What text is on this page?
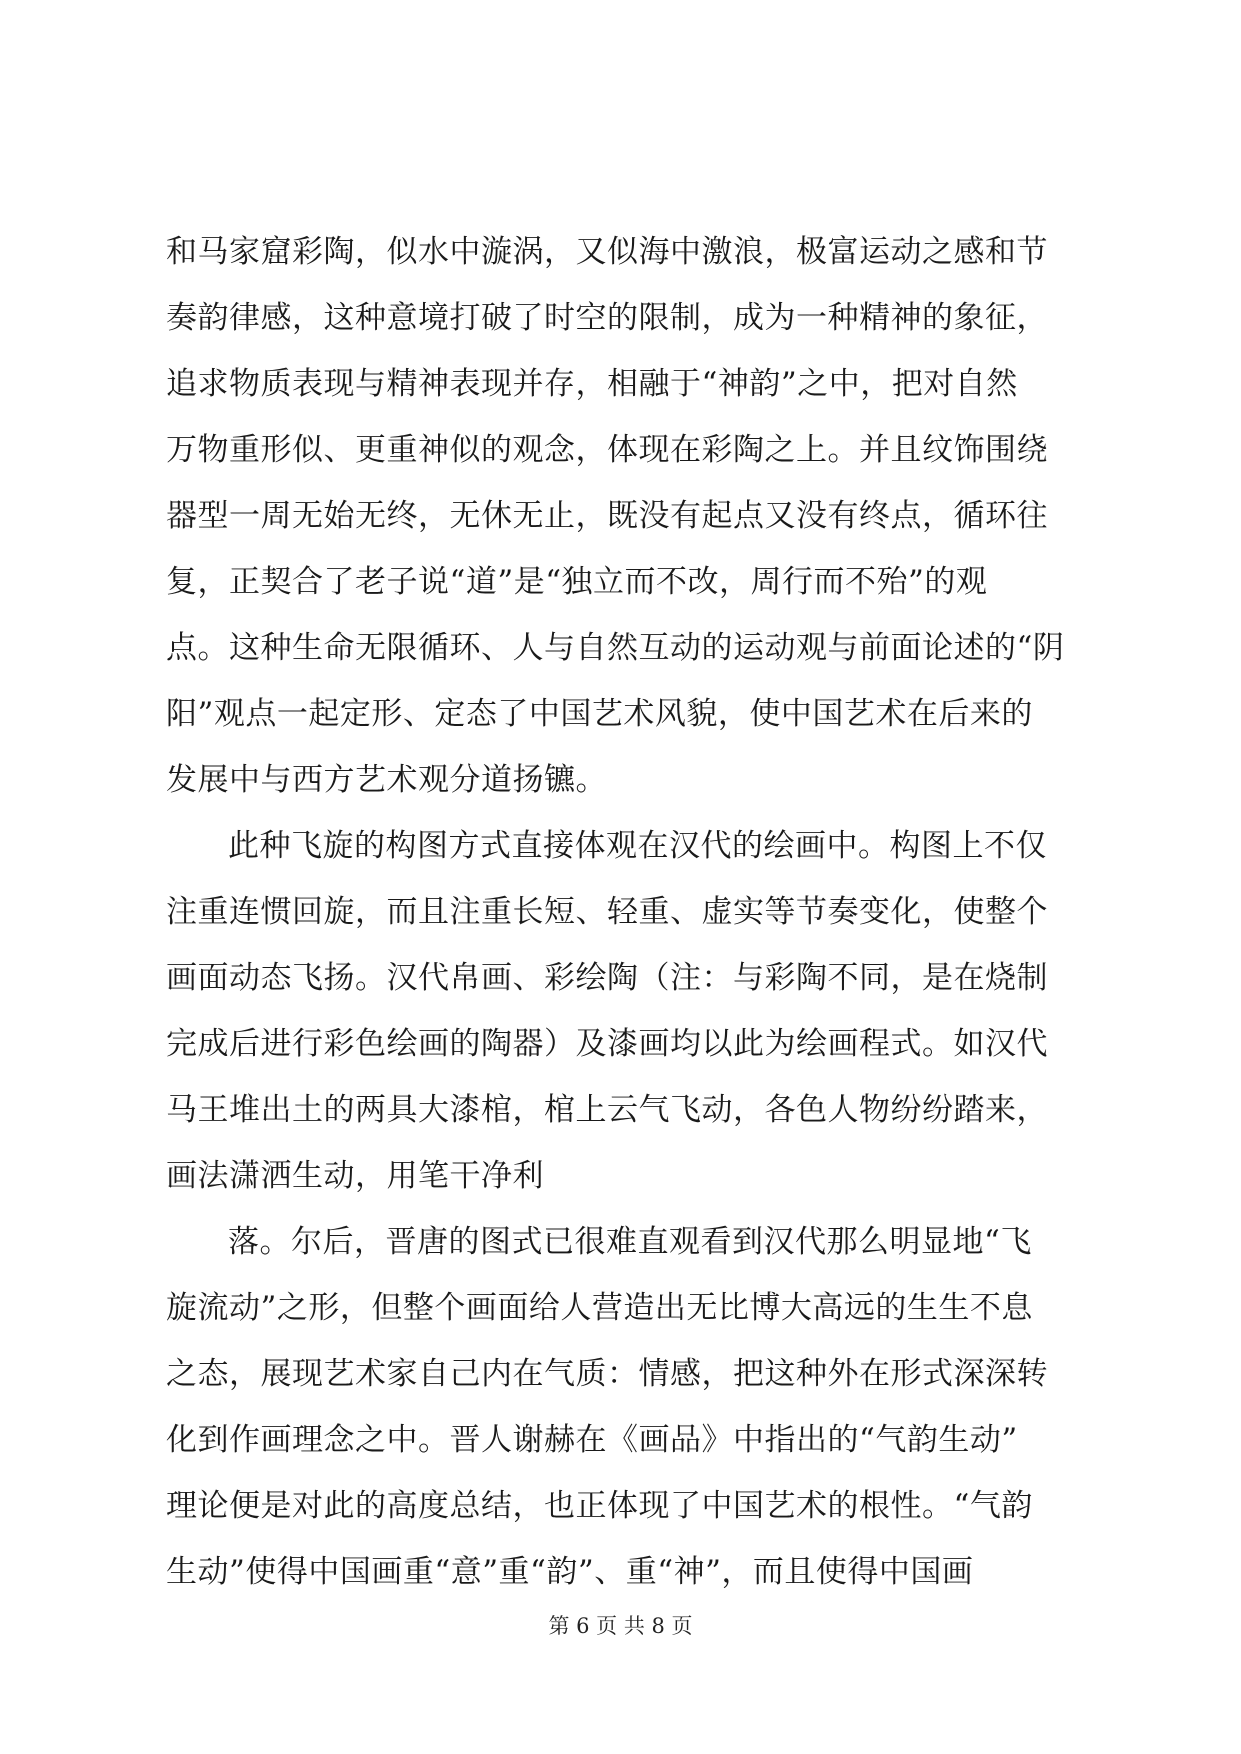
和马家窟彩陶，似水中漩涡，又似海中激浪，极富运动之感和节
奏韵律感，这种意境打破了时空的限制，成为一种精神的象征，
追求物质表现与精神表现并存，相融于“神韵”之中，把对自然
万物重形似、更重神似的观念，体现在彩陶之上。并且纹饰围绕
器型一周无始无终，无休无止，既没有起点又没有终点，循环往
复，正契合了老子说“道”是“独立而不改，周行而不殆”的观
点。这种生命无限循环、人与自然互动的运动观与前面论述的“阴
阳”观点一起定形、定态了中国艺术风貌，使中国艺术在后来的
发展中与西方艺术观分道扬镳。
此种飞旋的构图方式直接体观在汉代的绘画中。构图上不仅
注重连惯回旋，而且注重长短、轻重、虚实等节奏变化，使整个
画面动态飞扬。汉代帛画、彩绘陶（注：与彩陶不同，是在烧制
完成后进行彩色绘画的陶器）及漆画均以此为绘画程式。如汉代
马王堆出土的两具大漆棺，棺上云气飞动，各色人物纷纷踏来，
画法潇洒生动，用笔干净利
落。尔后，晋唐的图式已很难直观看到汉代那么明显地“飞
旋流动”之形，但整个画面给人营造出无比博大高远的生生不息
之态，展现艺术家自己内在气质：情感，把这种外在形式深深转
化到作画理念之中。晋人谢赫在《画品》中指出的“气韵生动”
理论便是对此的高度总结，也正体现了中国艺术的根性。“气韵
生动”使得中国画重“意”重“韵”、重“神”，而且使得中国画
第 6 页 共 8 页
